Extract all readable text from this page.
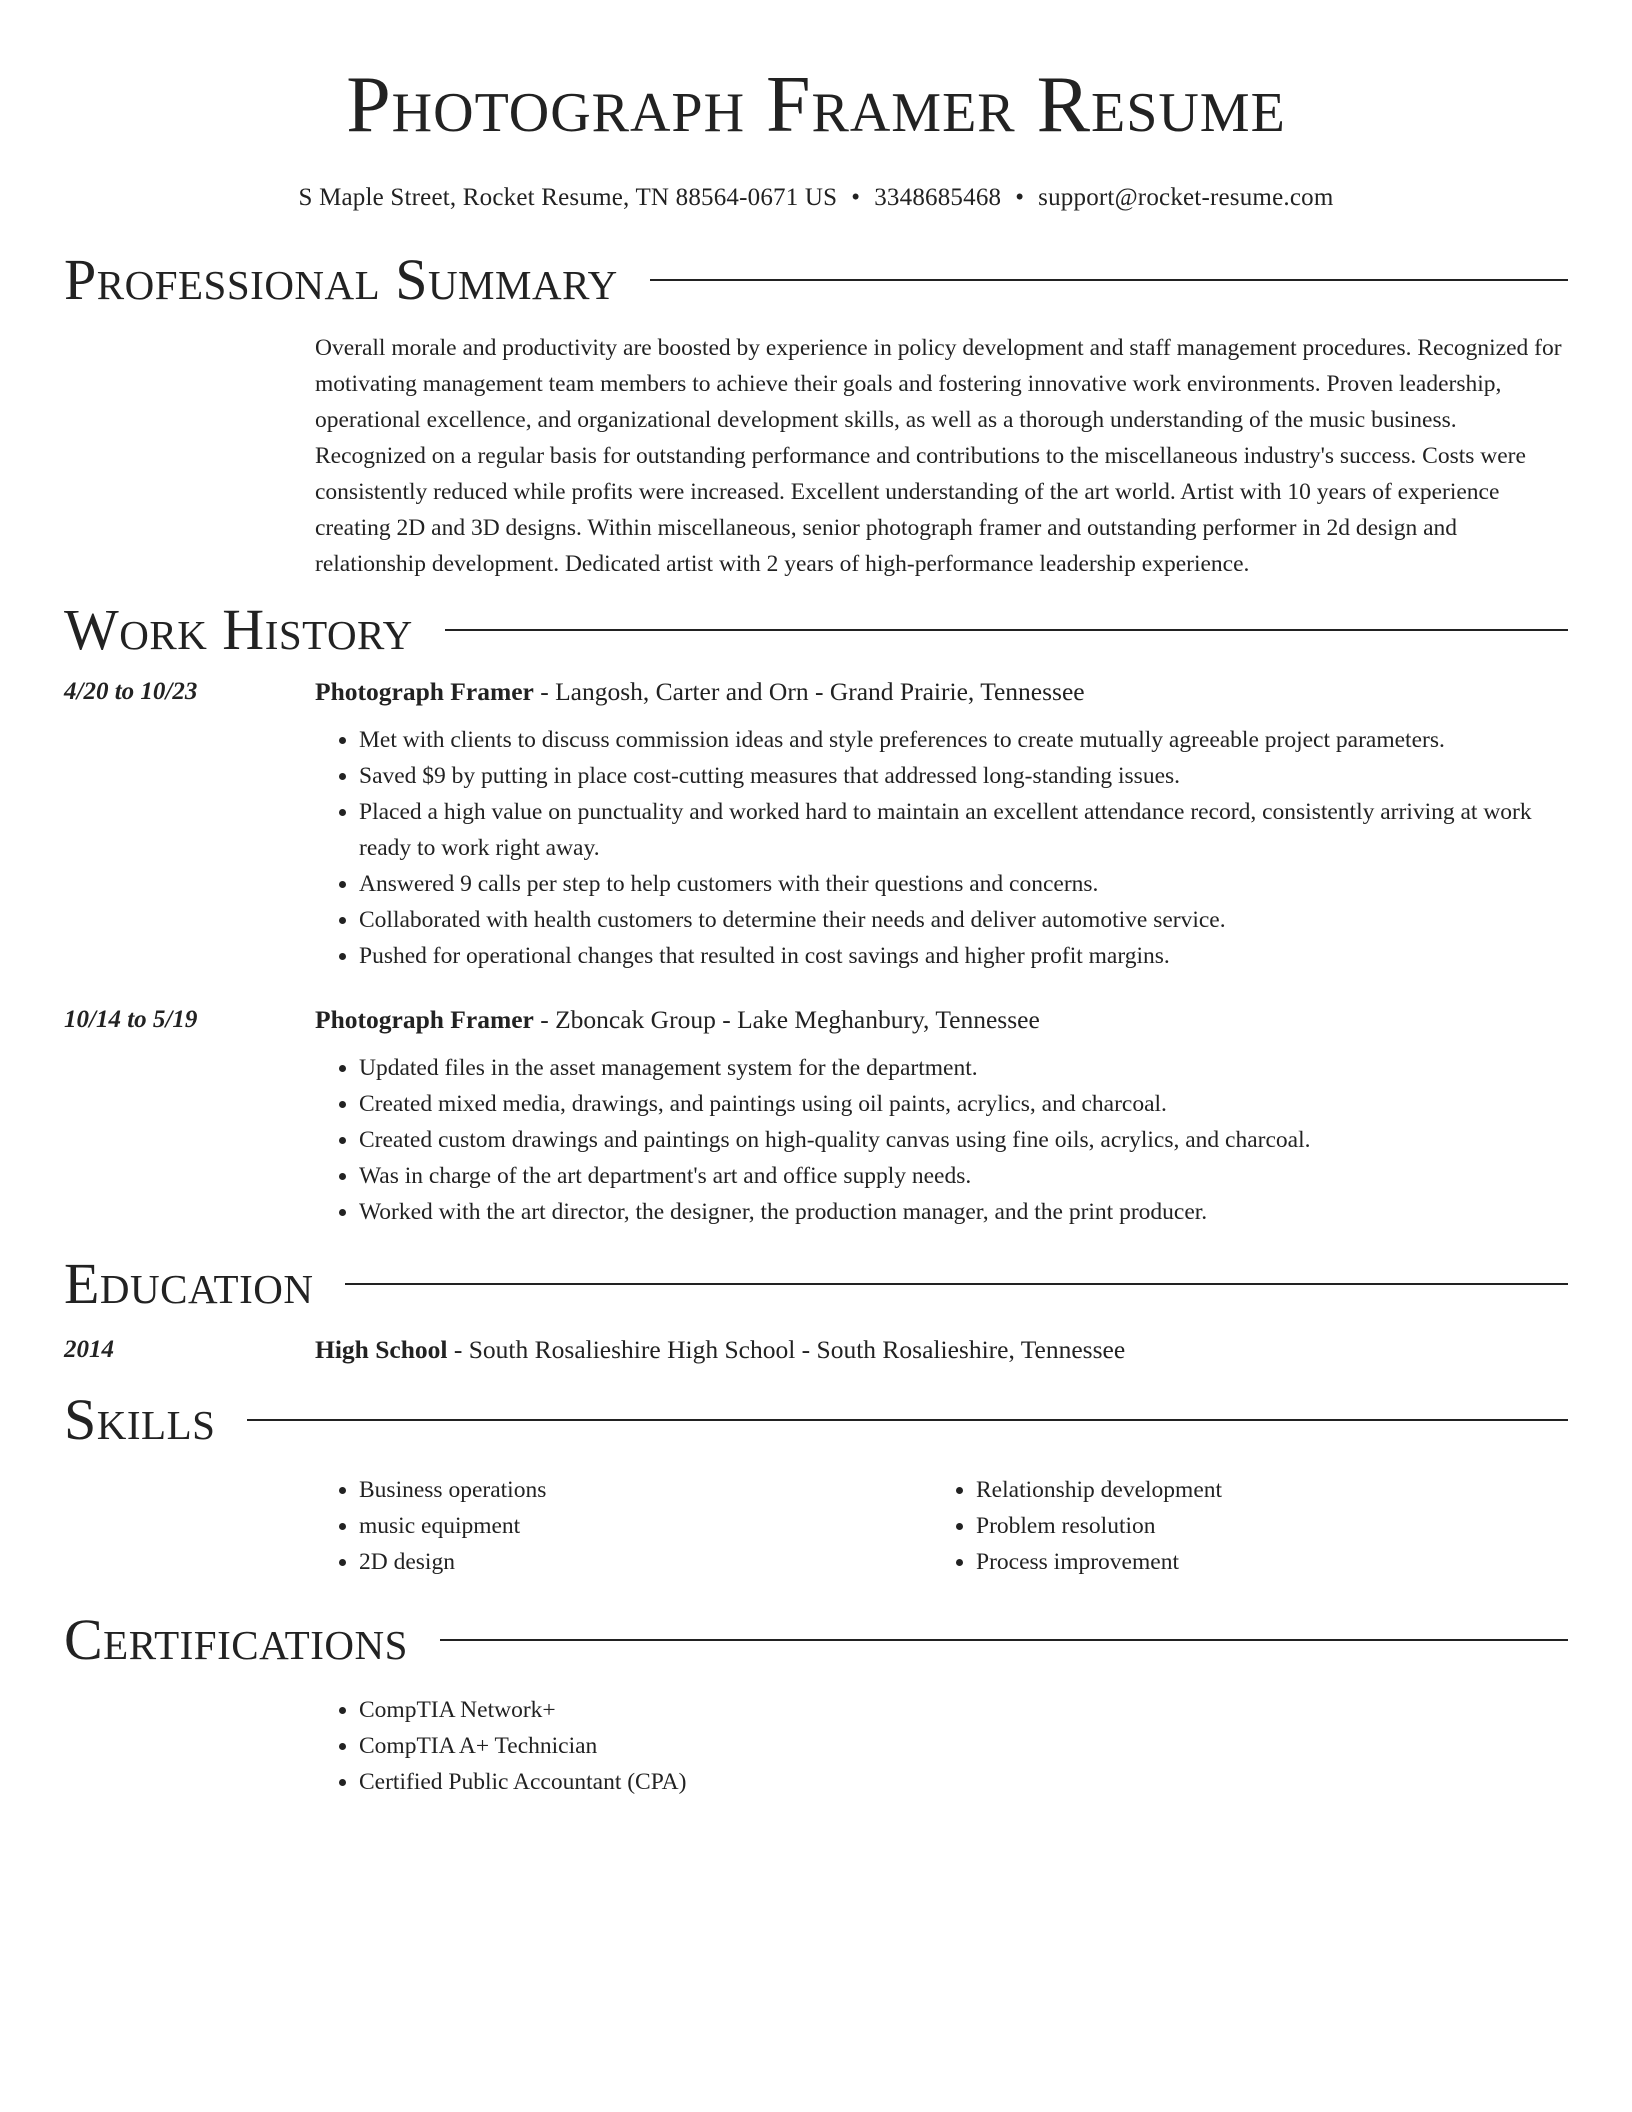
Photograph Framer Resume
S Maple Street, Rocket Resume, TN 88564-0671 US • 3348685468 • support@rocket-resume.com
Professional Summary
Overall morale and productivity are boosted by experience in policy development and staff management procedures. Recognized for motivating management team members to achieve their goals and fostering innovative work environments. Proven leadership, operational excellence, and organizational development skills, as well as a thorough understanding of the music business. Recognized on a regular basis for outstanding performance and contributions to the miscellaneous industry's success. Costs were consistently reduced while profits were increased. Excellent understanding of the art world. Artist with 10 years of experience creating 2D and 3D designs. Within miscellaneous, senior photograph framer and outstanding performer in 2d design and relationship development. Dedicated artist with 2 years of high-performance leadership experience.
Work History
4/20 to 10/23	Photograph Framer - Langosh, Carter and Orn - Grand Prairie, Tennessee
• Met with clients to discuss commission ideas and style preferences to create mutually agreeable project parameters.
• Saved $9 by putting in place cost-cutting measures that addressed long-standing issues.
• Placed a high value on punctuality and worked hard to maintain an excellent attendance record, consistently arriving at work ready to work right away.
• Answered 9 calls per step to help customers with their questions and concerns.
• Collaborated with health customers to determine their needs and deliver automotive service.
• Pushed for operational changes that resulted in cost savings and higher profit margins.
10/14 to 5/19	Photograph Framer - Zboncak Group - Lake Meghanbury, Tennessee
• Updated files in the asset management system for the department.
• Created mixed media, drawings, and paintings using oil paints, acrylics, and charcoal.
• Created custom drawings and paintings on high-quality canvas using fine oils, acrylics, and charcoal.
• Was in charge of the art department's art and office supply needs.
• Worked with the art director, the designer, the production manager, and the print producer.
Education
2014	High School - South Rosalieshire High School - South Rosalieshire, Tennessee
Skills
• Business operations
• music equipment
• 2D design
• Relationship development
• Problem resolution
• Process improvement
Certifications
• CompTIA Network+
• CompTIA A+ Technician
• Certified Public Accountant (CPA)
